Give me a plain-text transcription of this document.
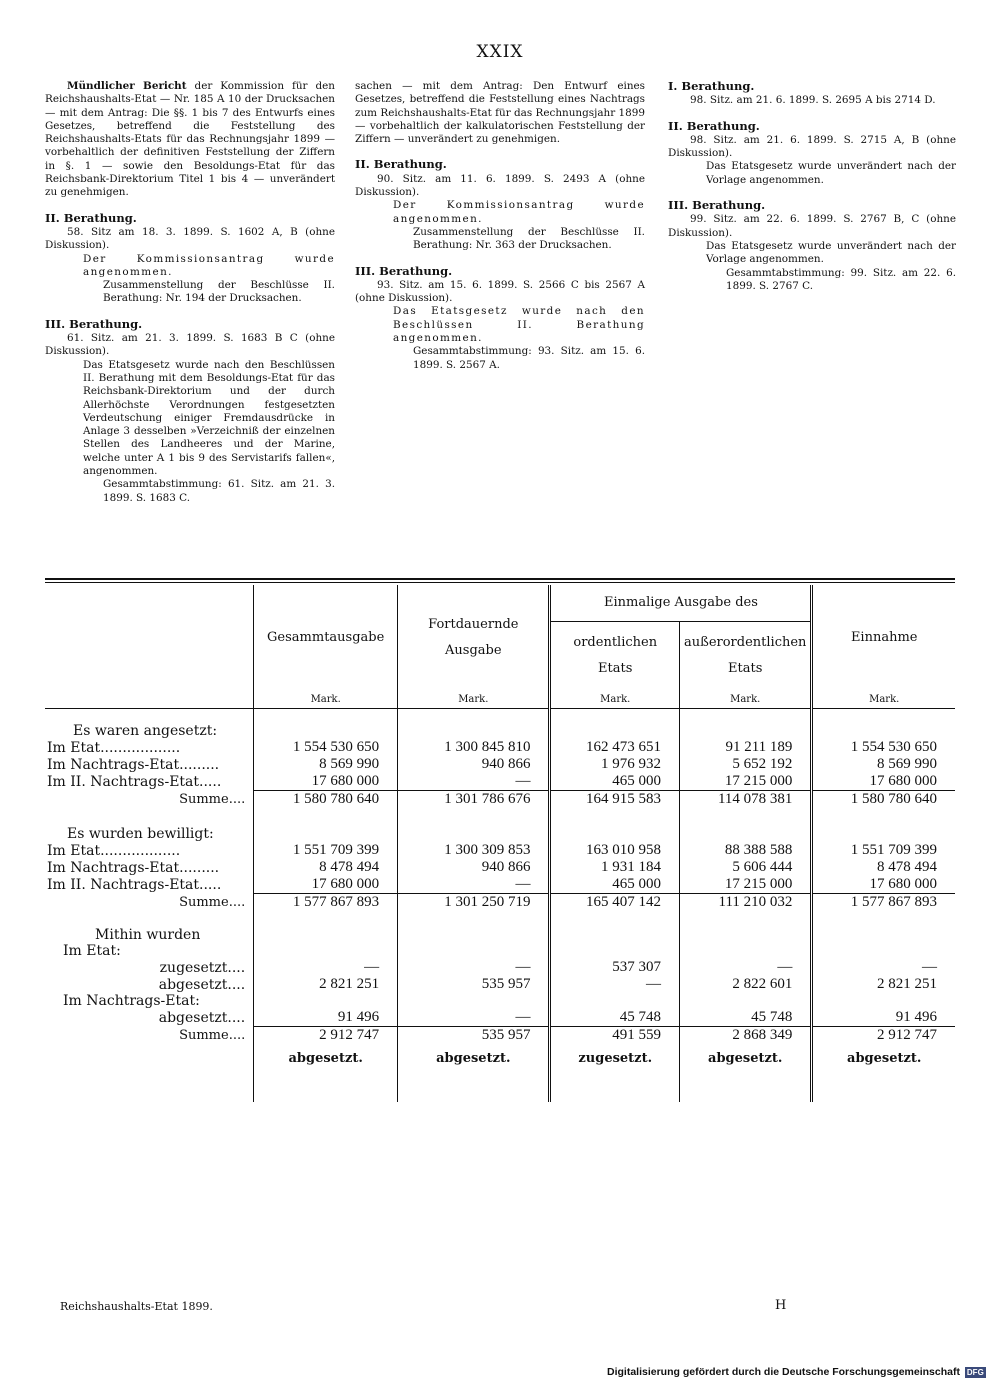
XXIX

Mündlicher Bericht der Kommission für den Reichshaushalts-Etat — Nr. 185 A 10 der Drucksachen — mit dem Antrag: Die §§. 1 bis 7 des Entwurfs eines Gesetzes, betreffend die Feststellung des Reichshaushalts-Etats für das Rechnungsjahr 1899 — vorbehaltlich der definitiven Feststellung der Ziffern in §. 1 — sowie den Besoldungs-Etat für das Reichsbank-Direktorium Titel 1 bis 4 — unverändert zu genehmigen.

II. Berathung.

58. Sitz am 18. 3. 1899. S. 1602 A, B (ohne Diskussion).

Der Kommissionsantrag wurde angenommen.

Zusammenstellung der Beschlüsse II. Berathung: Nr. 194 der Drucksachen.

III. Berathung.

61. Sitz. am 21. 3. 1899. S. 1683 B C (ohne Diskussion).

Das Etatsgesetz wurde nach den Beschlüssen II. Berathung mit dem Besoldungs-Etat für das Reichsbank-Direktorium und der durch Allerhöchste Verordnungen festgesetzten Verdeutschung einiger Fremdausdrücke in Anlage 3 desselben »Verzeichniß der einzelnen Stellen des Landheeres und der Marine, welche unter A 1 bis 9 des Servistarifs fallen«, angenommen.

Gesammtabstimmung: 61. Sitz. am 21. 3. 1899. S. 1683 C.

sachen — mit dem Antrag: Den Entwurf eines Gesetzes, betreffend die Feststellung eines Nachtrags zum Reichshaushalts-Etat für das Rechnungsjahr 1899 — vorbehaltlich der kalkulatorischen Feststellung der Ziffern — unverändert zu genehmigen.

II. Berathung.

90. Sitz. am 11. 6. 1899. S. 2493 A (ohne Diskussion).

Der Kommissionsantrag wurde angenommen.

Zusammenstellung der Beschlüsse II. Berathung: Nr. 363 der Drucksachen.

III. Berathung.

93. Sitz. am 15. 6. 1899. S. 2566 C bis 2567 A (ohne Diskussion).

Das Etatsgesetz wurde nach den Beschlüssen II. Berathung angenommen.

Gesammtabstimmung: 93. Sitz. am 15. 6. 1899. S. 2567 A.

I. Berathung.

98. Sitz. am 21. 6. 1899. S. 2695 A bis 2714 D.

II. Berathung.

98. Sitz. am 21. 6. 1899. S. 2715 A, B (ohne Diskussion).

Das Etatsgesetz wurde unverändert nach der Vorlage angenommen.

III. Berathung.

99. Sitz. am 22. 6. 1899. S. 2767 B, C (ohne Diskussion).

Das Etatsgesetz wurde unverändert nach der Vorlage angenommen.

Gesammtabstimmung: 99. Sitz. am 22. 6. 1899. S. 2767 C.

	Gesammtausgabe	Fortdauernde Ausgabe	Einmalige Ausgabe des		Einnahme
			ordentlichen Etats	außerordentlichen Etats	
	Mark.	Mark.	Mark.	Mark.	Mark.

Es waren angesetzt:					
Im Etat..................	1 554 530 650	1 300 845 810	162 473 651	91 211 189	1 554 530 650
Im Nachtrags-Etat.........	8 569 990	940 866	1 976 932	5 652 192	8 569 990
Im II. Nachtrags-Etat.....	17 680 000	—	465 000	17 215 000	17 680 000
Summe....	1 580 780 640	1 301 786 676	164 915 583	114 078 381	1 580 780 640

Es wurden bewilligt:					
Im Etat..................	1 551 709 399	1 300 309 853	163 010 958	88 388 588	1 551 709 399
Im Nachtrags-Etat.........	8 478 494	940 866	1 931 184	5 606 444	8 478 494
Im II. Nachtrags-Etat.....	17 680 000	—	465 000	17 215 000	17 680 000
Summe....	1 577 867 893	1 301 250 719	165 407 142	111 210 032	1 577 867 893

Mithin wurden					
Im Etat:					
zugesetzt....	—	—	537 307	—	—
abgesetzt....	2 821 251	535 957	—	2 822 601	2 821 251
Im Nachtrags-Etat:					
abgesetzt....	91 496	—	45 748	45 748	91 496
Summe....	2 912 747	535 957	491 559	2 868 349	2 912 747
	abgesetzt.	abgesetzt.	zugesetzt.	abgesetzt.	abgesetzt.

Reichshaushalts-Etat 1899.	H
Digitalisierung gefördert durch die Deutsche Forschungsgemeinschaft DFG
